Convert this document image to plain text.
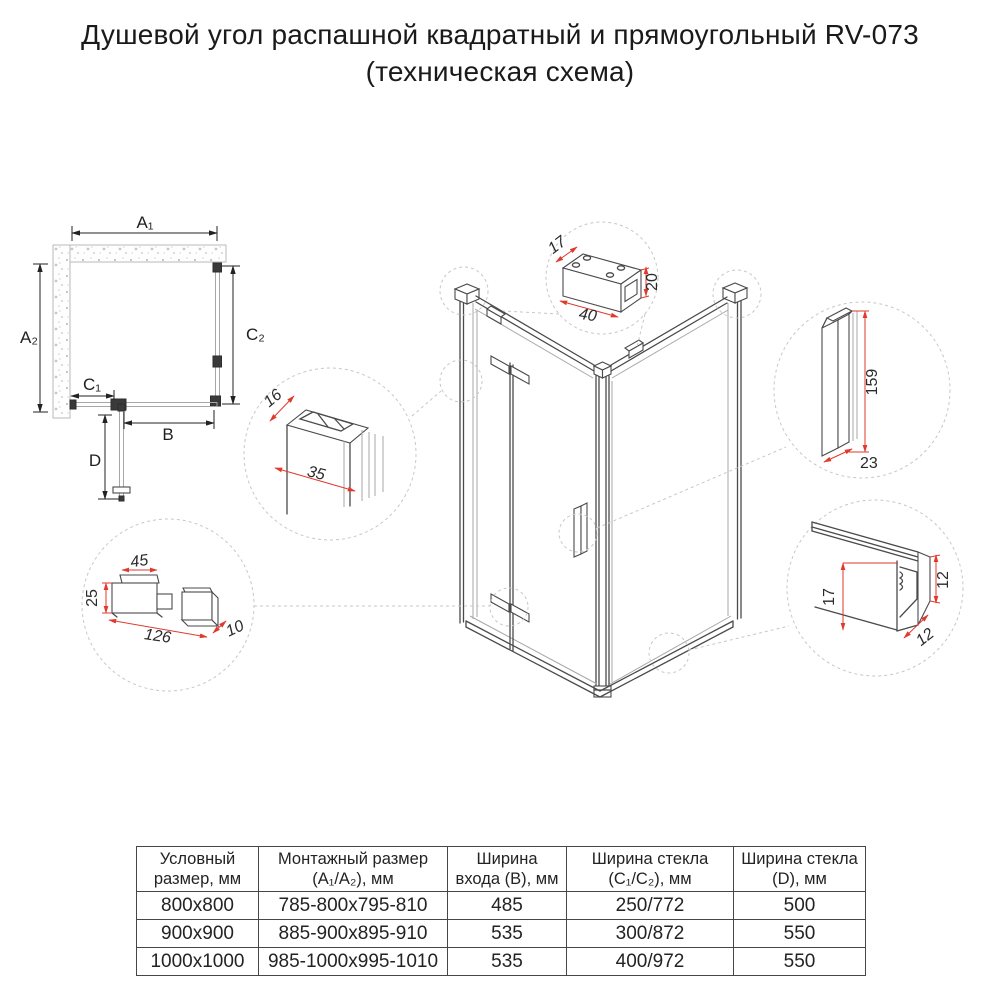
Душевой угол распашной квадратный и прямоугольный RV-073
(техническая схема)
A₁
A₂	C₂
C₁
B
D
17
20
40
159
23
16
35
45
25
126	10
17
12
12
Условный размер, мм	Монтажный размер (A₁/A₂), мм	Ширина входа (B), мм	Ширина стекла (C₁/C₂), мм	Ширина стекла (D), мм
800x800	785-800x795-810	485	250/772	500
900x900	885-900x895-910	535	300/872	550
1000x1000	985-1000x995-1010	535	400/972	550
